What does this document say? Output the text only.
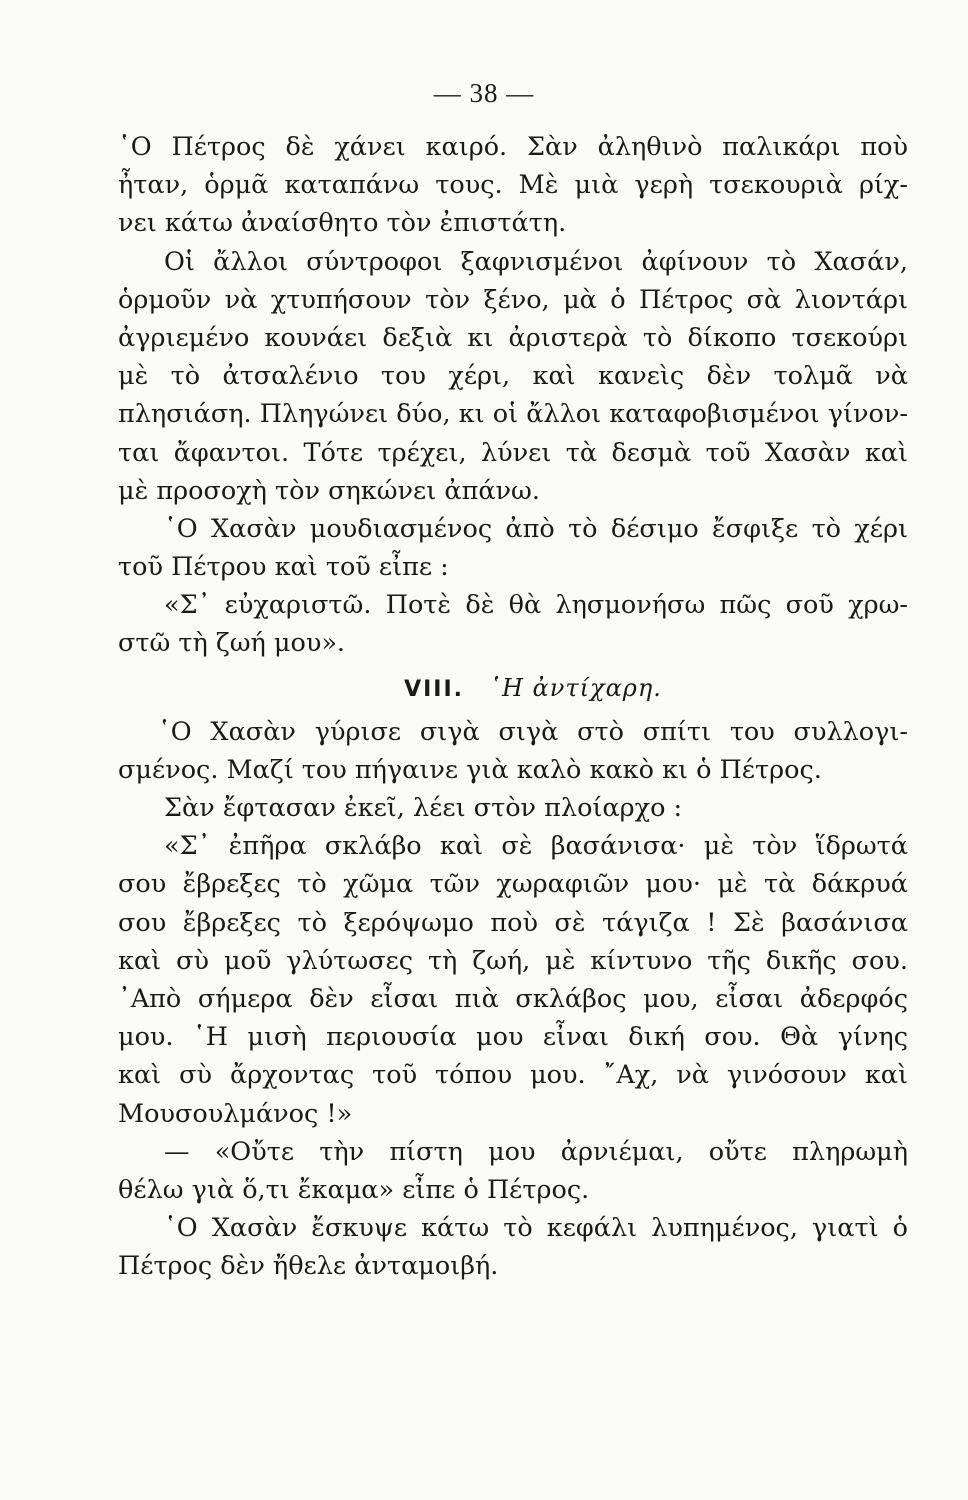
— 38 —
῾Ο Πέτρος δὲ χάνει καιρό. Σὰν ἀληθινὸ παλικάρι ποὺ
ἦταν, ὁρμᾶ καταπάνω τους. Μὲ μιὰ γερὴ τσεκουριὰ ρίχ-
νει κάτω ἀναίσθητο τὸν ἐπιστάτη.
Οἱ ἄλλοι σύντροφοι ξαφνισμένοι ἀφίνουν τὸ Χασάν,
ὁρμοῦν νὰ χτυπήσουν τὸν ξένο, μὰ ὁ Πέτρος σὰ λιοντάρι
ἀγριεμένο κουνάει δεξιὰ κι ἀριστερὰ τὸ δίκοπο τσεκούρι
μὲ τὸ ἀτσαλένιο του χέρι, καὶ κανεὶς δὲν τολμᾶ νὰ
πλησιάση. Πληγώνει δύο, κι οἱ ἄλλοι καταφοβισμένοι γίνον-
ται ἄφαντοι. Τότε τρέχει, λύνει τὰ δεσμὰ τοῦ Χασὰν καὶ
μὲ προσοχὴ τὸν σηκώνει ἀπάνω.
῾Ο Χασὰν μουδιασμένος ἀπὸ τὸ δέσιμο ἔσφιξε τὸ χέρι
τοῦ Πέτρου καὶ τοῦ εἶπε :
«Σ᾽ εὐχαριστῶ. Ποτὲ δὲ θὰ λησμονήσω πῶς σοῦ χρω-
στῶ τὴ ζωή μου».
VIII. ῾Η ἀντίχαρη.
῾Ο Χασὰν γύρισε σιγὰ σιγὰ στὸ σπίτι του συλλογι-
σμένος. Μαζί του πήγαινε γιὰ καλὸ κακὸ κι ὁ Πέτρος.
Σὰν ἔφτασαν ἐκεῖ, λέει στὸν πλοίαρχο :
«Σ᾽ ἐπῆρα σκλάβο καὶ σὲ βασάνισα· μὲ τὸν ἵδρωτά
σου ἔβρεξες τὸ χῶμα τῶν χωραφιῶν μου· μὲ τὰ δάκρυά
σου ἔβρεξες τὸ ξερόψωμο ποὺ σὲ τάγιζα ! Σὲ βασάνισα
καὶ σὺ μοῦ γλύτωσες τὴ ζωή, μὲ κίντυνο τῆς δικῆς σου.
᾽Απὸ σήμερα δὲν εἶσαι πιὰ σκλάβος μου, εἶσαι ἀδερφός
μου. ῾Η μισὴ περιουσία μου εἶναι δική σου. Θὰ γίνης
καὶ σὺ ἄρχοντας τοῦ τόπου μου. ῎Αχ, νὰ γινόσουν καὶ
Μουσουλμάνος !»
— «Οὔτε τὴν πίστη μου ἀρνιέμαι, οὔτε πληρωμὴ
θέλω γιὰ ὅ,τι ἔκαμα» εἶπε ὁ Πέτρος.
῾Ο Χασὰν ἔσκυψε κάτω τὸ κεφάλι λυπημένος, γιατὶ ὁ
Πέτρος δὲν ἤθελε ἀνταμοιβή.
